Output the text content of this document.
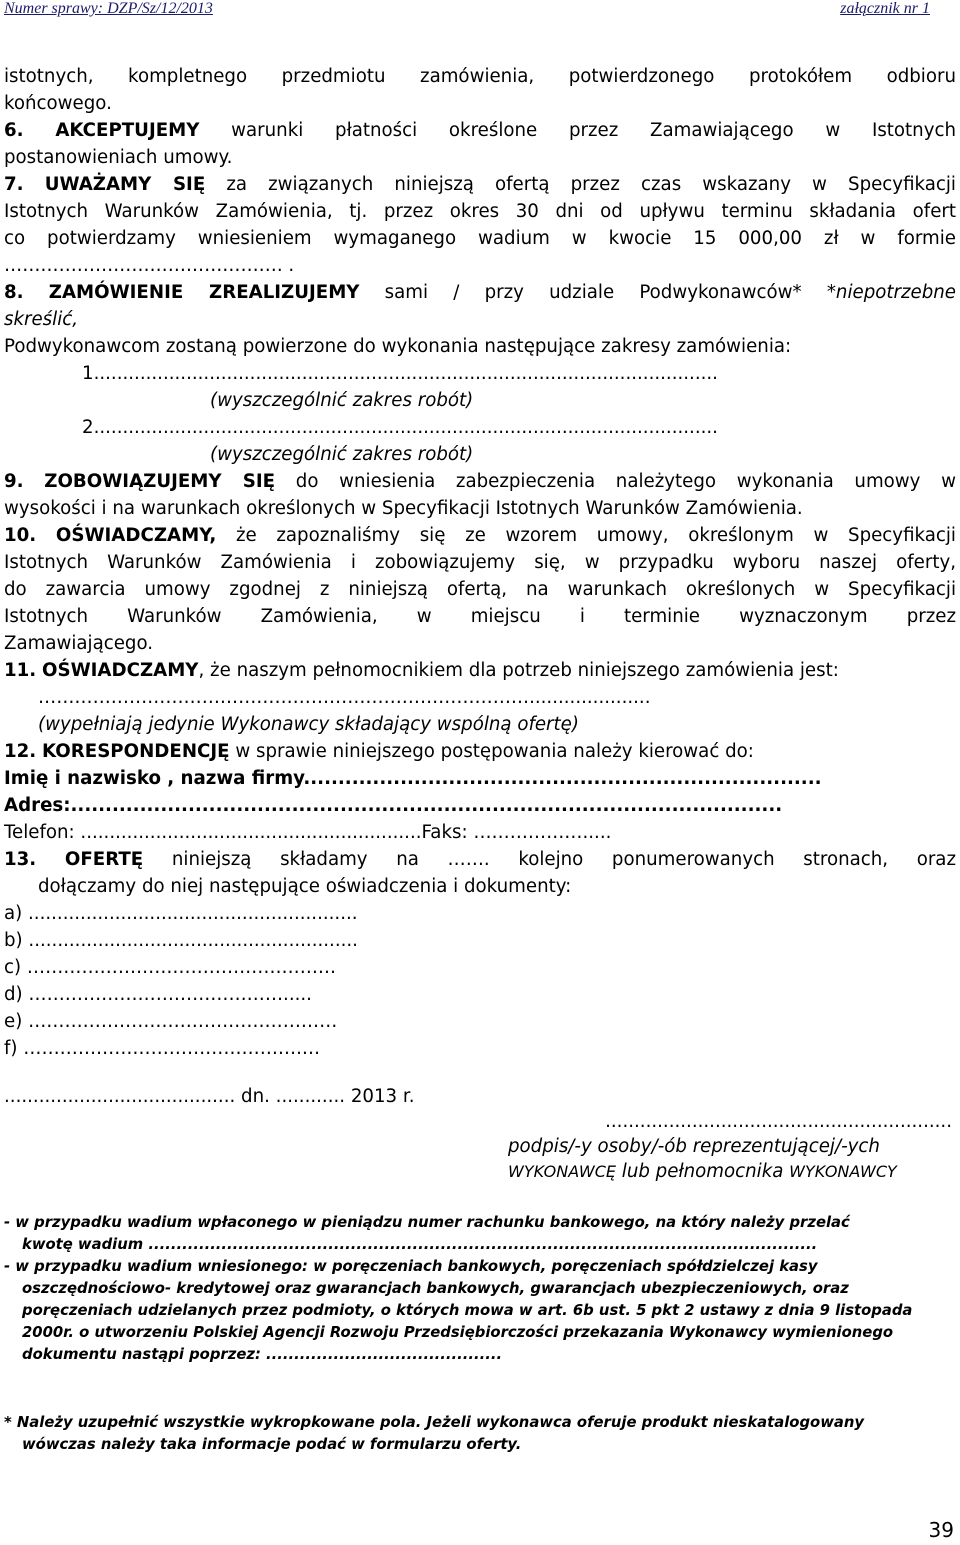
Numer sprawy: DZP/Sz/12/2013	załącznik nr 1

istotnych, kompletnego przedmiotu zamówienia, potwierdzonego protokółem odbioru

końcowego.

6. AKCEPTUJEMY warunki płatności określone przez Zamawiającego w Istotnych

postanowieniach umowy.

7. UWAŻAMY SIĘ za związanych niniejszą ofertą przez czas wskazany w Specyfikacji

Istotnych Warunków Zamówienia, tj. przez okres 30 dni od upływu terminu składania ofert

co potwierdzamy wniesieniem wymaganego wadium w kwocie 15 000,00 zł w formie

………………………………………. .

8. ZAMÓWIENIE ZREALIZUJEMY sami / przy udziale Podwykonawców* *niepotrzebne

skreślić,

Podwykonawcom zostaną powierzone do wykonania następujące zakresy zamówienia:

1............................................................................................................

(wyszczególnić zakres robót)

2............................................................................................................

(wyszczególnić zakres robót)

9. ZOBOWIĄZUJEMY SIĘ do wniesienia zabezpieczenia należytego wykonania umowy w

wysokości i na warunkach określonych w Specyfikacji Istotnych Warunków Zamówienia.

10. OŚWIADCZAMY, że zapoznaliśmy się ze wzorem umowy, określonym w Specyfikacji

Istotnych Warunków Zamówienia i zobowiązujemy się, w przypadku wyboru naszej oferty,

do zawarcia umowy zgodnej z niniejszą ofertą, na warunkach określonych w Specyfikacji

Istotnych Warunków Zamówienia, w miejscu i terminie wyznaczonym przez

Zamawiającego.

11. OŚWIADCZAMY, że naszym pełnomocnikiem dla potrzeb niniejszego zamówienia jest:

……………………………………………………………………….....................

(wypełniają jedynie Wykonawcy składający wspólną ofertę)

12. KORESPONDENCJĘ w sprawie niniejszego postępowania należy kierować do:

Imię i nazwisko , nazwa firmy...........................................................................

Adres:.......................................................................................................

Telefon: ...........................................................Faks: ……………….....

13. OFERTĘ niniejszą składamy na ……. kolejno ponumerowanych stronach, oraz

dołączamy do niej następujące oświadczenia i dokumenty:

a) .........................................................

b) .........................................................

c) ……………………………………………

d) …………………………………….....

e) ……………………………………………

f) ……………………………………….…

........................................ dn. ............ 2013 r.

............................................................

podpis/-y osoby/-ób reprezentującej/-ych

WYKONAWCĘ lub pełnomocnika WYKONAWCY

- w przypadku wadium wpłaconego w pieniądzu numer rachunku bankowego, na który należy przelać

kwotę wadium .......................................................................................................................

- w przypadku wadium wniesionego: w poręczeniach bankowych, poręczeniach spółdzielczej kasy

oszczędnościowo- kredytowej oraz gwarancjach bankowych, gwarancjach ubezpieczeniowych, oraz

poręczeniach udzielanych przez podmioty, o których mowa w art. 6b ust. 5 pkt 2 ustawy z dnia 9 listopada

2000r. o utworzeniu Polskiej Agencji Rozwoju Przedsiębiorczości przekazania Wykonawcy wymienionego

dokumentu nastąpi poprzez: ..........................................

* Należy uzupełnić wszystkie wykropkowane pola. Jeżeli wykonawca oferuje produkt nieskatalogowany

wówczas należy taka informacje podać w formularzu oferty.

39
